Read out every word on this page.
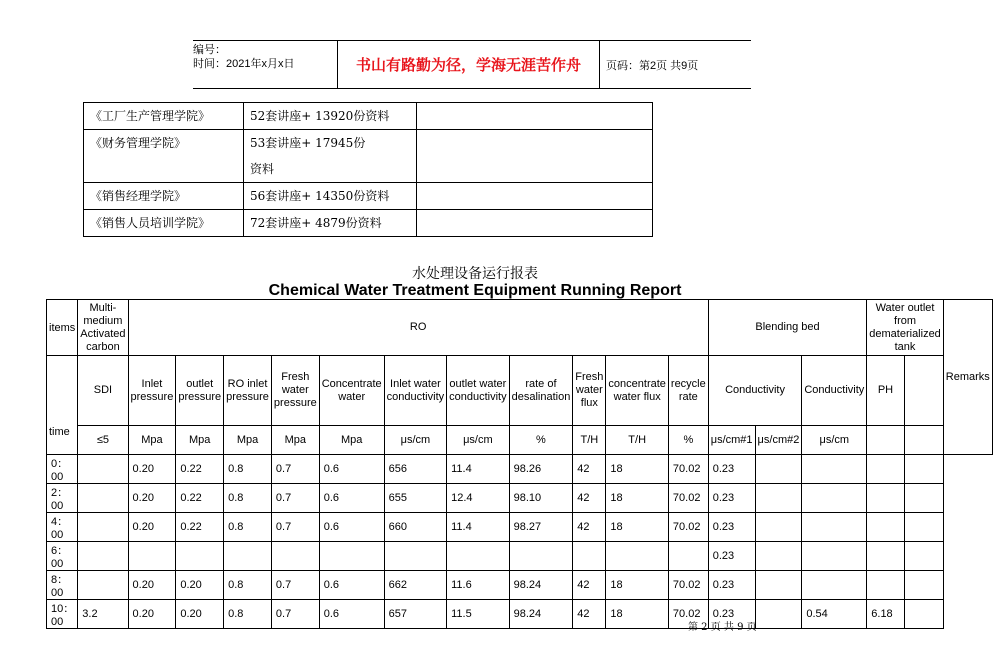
编号：
时间：2021年x月x日	书山有路勤为径，学海无涯苦作舟	页码：第2页 共9页
《工厂生产管理学院》	52套讲座+ 13920份资料	
《财务管理学院》	53套讲座+ 17945份资料	
《销售经理学院》	56套讲座+ 14350份资料	
《销售人员培训学院》	72套讲座+ 4879份资料	
水处理设备运行报表
Chemical Water Treatment Equipment Running Report
items	Multi-medium Activated carbon	RO											Blending bed			Water outlet from dematerialized tank		Remarks
time	SDI	Inlet pressure	outlet pressure	RO inlet pressure	Fresh water pressure	Concentrate water	Inlet water conductivity	outlet water conductivity	rate of desalination	Fresh water flux	concentrate water flux	recycle rate	Conductivity		Conductivity	PH		
	≤5	Mpa	Mpa	Mpa	Mpa	Mpa	μs/cm	μs/cm	%	T/H	T/H	%	μs/cm#1	μs/cm#2	μs/cm			
0：00		0.20	0.22	0.8	0.7	0.6	656	11.4	98.26	42	18	70.02	0.23					
2：00		0.20	0.22	0.8	0.7	0.6	655	12.4	98.10	42	18	70.02	0.23					
4：00		0.20	0.22	0.8	0.7	0.6	660	11.4	98.27	42	18	70.02	0.23					
6：00													0.23					
8：00		0.20	0.20	0.8	0.7	0.6	662	11.6	98.24	42	18	70.02	0.23					
10：00	3.2	0.20	0.20	0.8	0.7	0.6	657	11.5	98.24	42	18	70.02	0.23		0.54	6.18		
第 2 页 共 9 页
